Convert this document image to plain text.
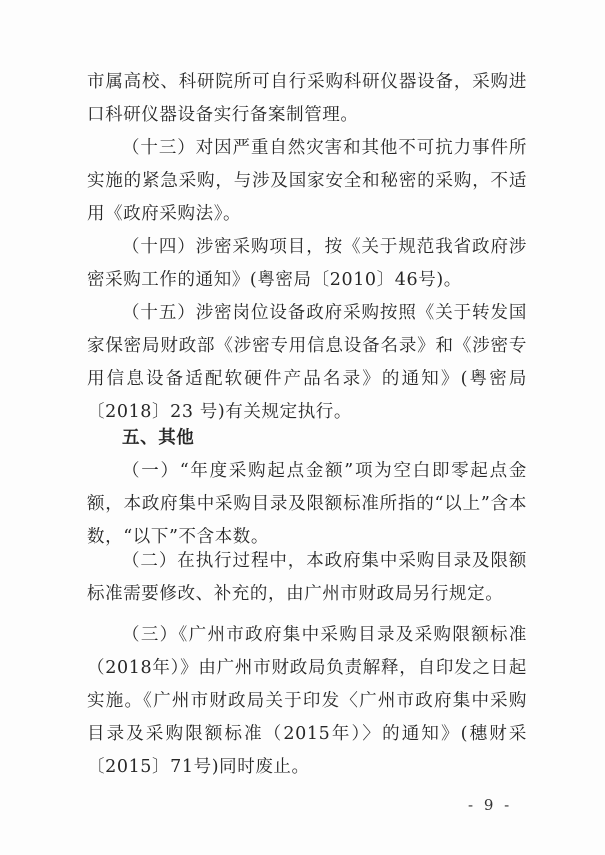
市属高校、科研院所可自行采购科研仪器设备，采购进口科研仪器设备实行备案制管理。

（十三）对因严重自然灾害和其他不可抗力事件所实施的紧急采购，与涉及国家安全和秘密的采购，不适用《政府采购法》。

（十四）涉密采购项目，按《关于规范我省政府涉密采购工作的通知》(粤密局〔2010〕46号)。

（十五）涉密岗位设备政府采购按照《关于转发国家保密局财政部《涉密专用信息设备名录》和《涉密专用信息设备适配软硬件产品名录》的通知》(粤密局〔2018〕23 号)有关规定执行。

五、其他

（一）“年度采购起点金额”项为空白即零起点金额，本政府集中采购目录及限额标准所指的“以上”含本数，“以下”不含本数。

（二）在执行过程中，本政府集中采购目录及限额标准需要修改、补充的，由广州市财政局另行规定。

（三）《广州市政府集中采购目录及采购限额标准（2018年）》由广州市财政局负责解释，自印发之日起实施。《广州市财政局关于印发〈广州市政府集中采购目录及采购限额标准（2015年）〉的通知》(穗财采〔2015〕71号)同时废止。

- 9 -
